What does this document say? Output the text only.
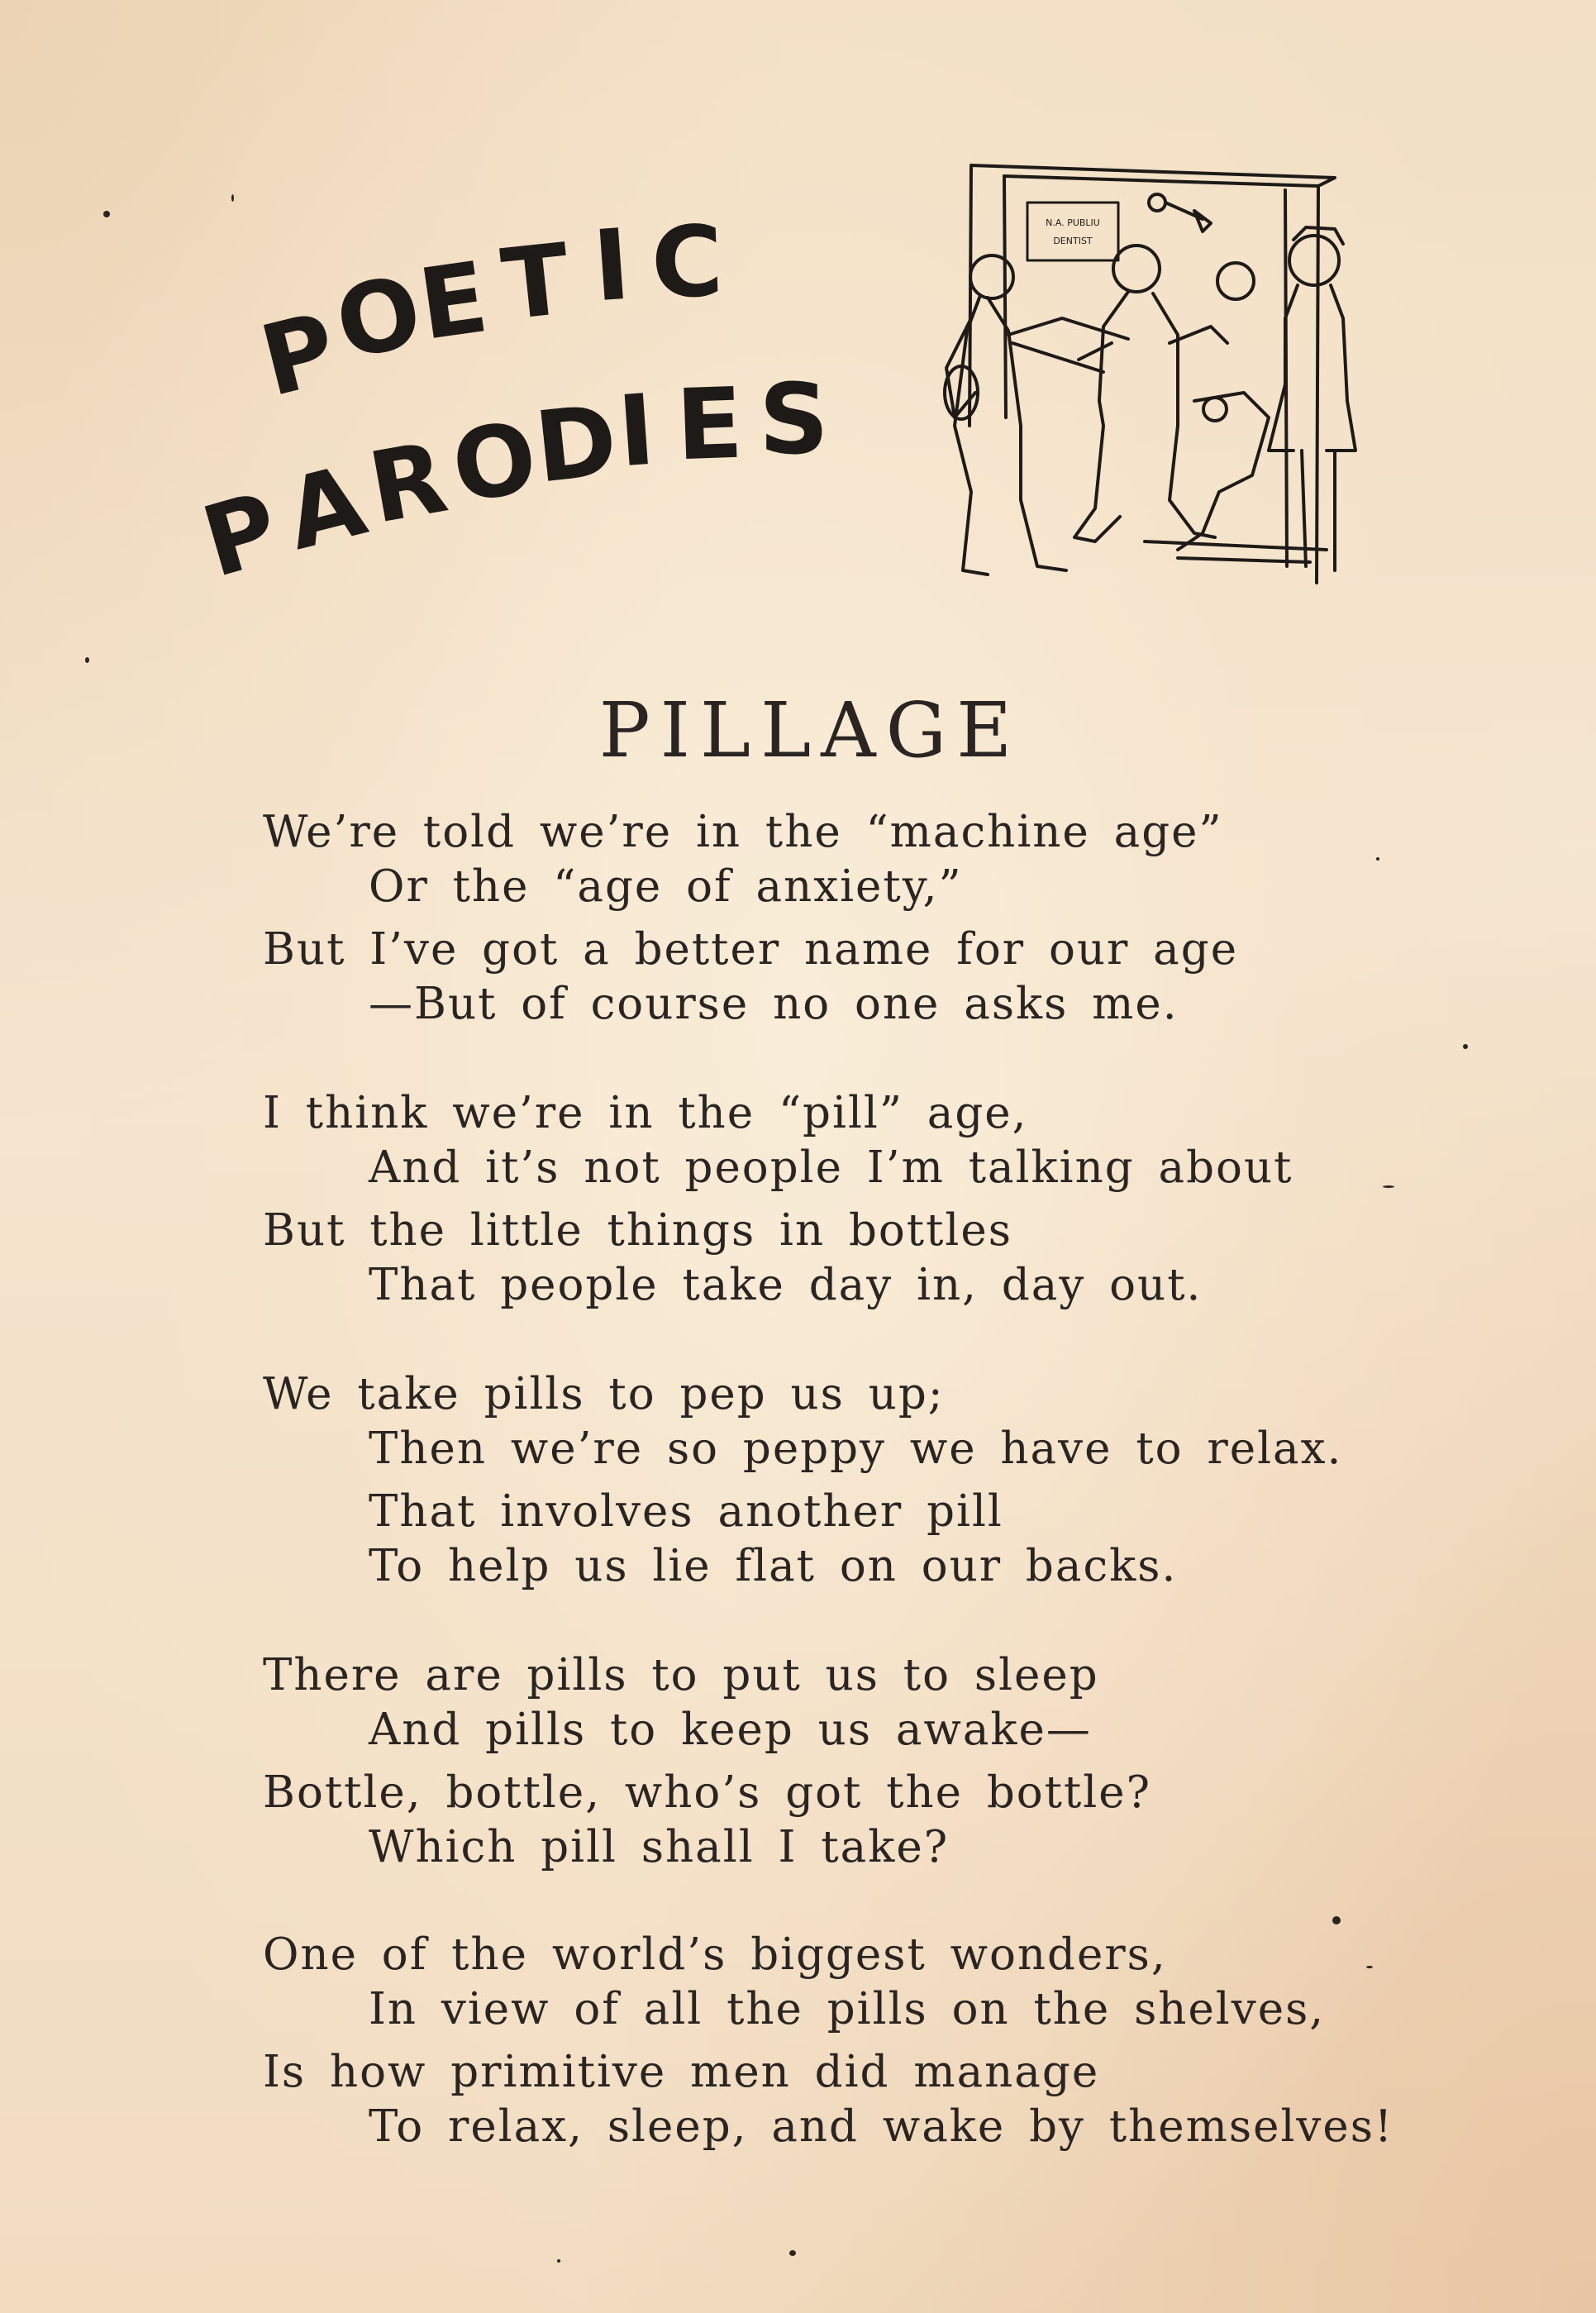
P
O
E T I C
P
A
R
O
D
I E S
N.A. PUBLIU
DENTIST
PILLAGE
We’re told we’re in the “machine age”
Or the “age of anxiety,”
But I’ve got a better name for our age
—But of course no one asks me.
I think we’re in the “pill” age,
And it’s not people I’m talking about
But the little things in bottles
That people take day in, day out.
We take pills to pep us up;
Then we’re so peppy we have to relax.
That involves another pill
To help us lie flat on our backs.
There are pills to put us to sleep
And pills to keep us awake—
Bottle, bottle, who’s got the bottle?
Which pill shall I take?
One of the world’s biggest wonders,
In view of all the pills on the shelves,
Is how primitive men did manage
To relax, sleep, and wake by themselves!
